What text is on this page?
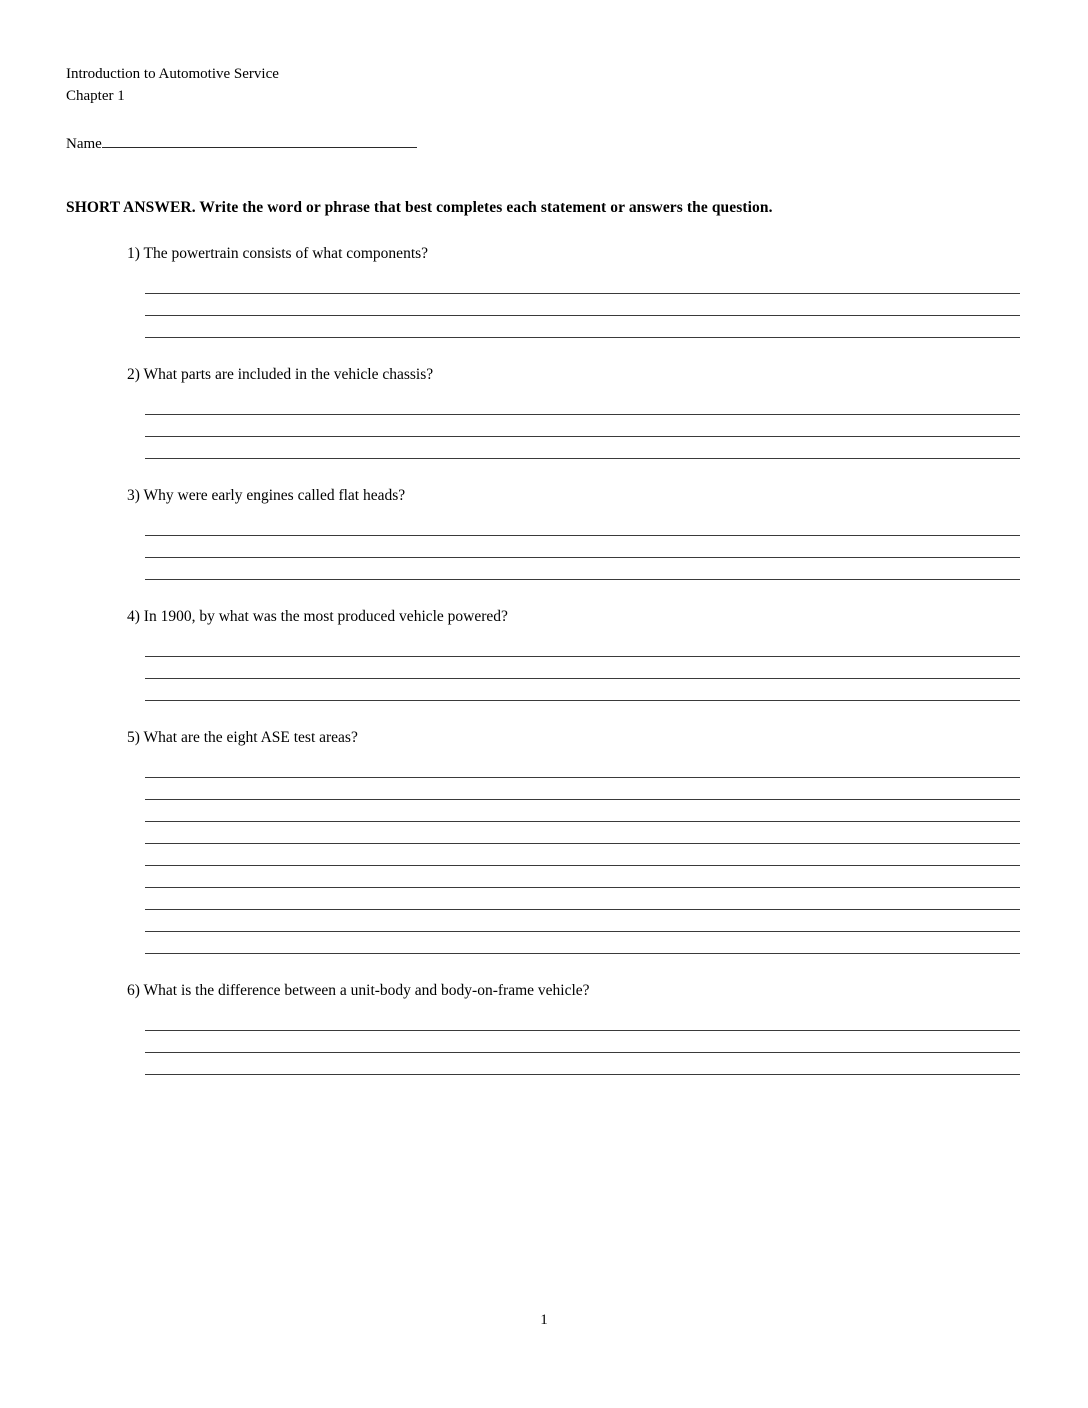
Introduction to Automotive Service
Chapter 1
Name
SHORT ANSWER. Write the word or phrase that best completes each statement or answers the question.
1) The powertrain consists of what components?
2) What parts are included in the vehicle chassis?
3) Why were early engines called flat heads?
4) In 1900, by what was the most produced vehicle powered?
5) What are the eight ASE test areas?
6) What is the difference between a unit-body and body-on-frame vehicle?
1
